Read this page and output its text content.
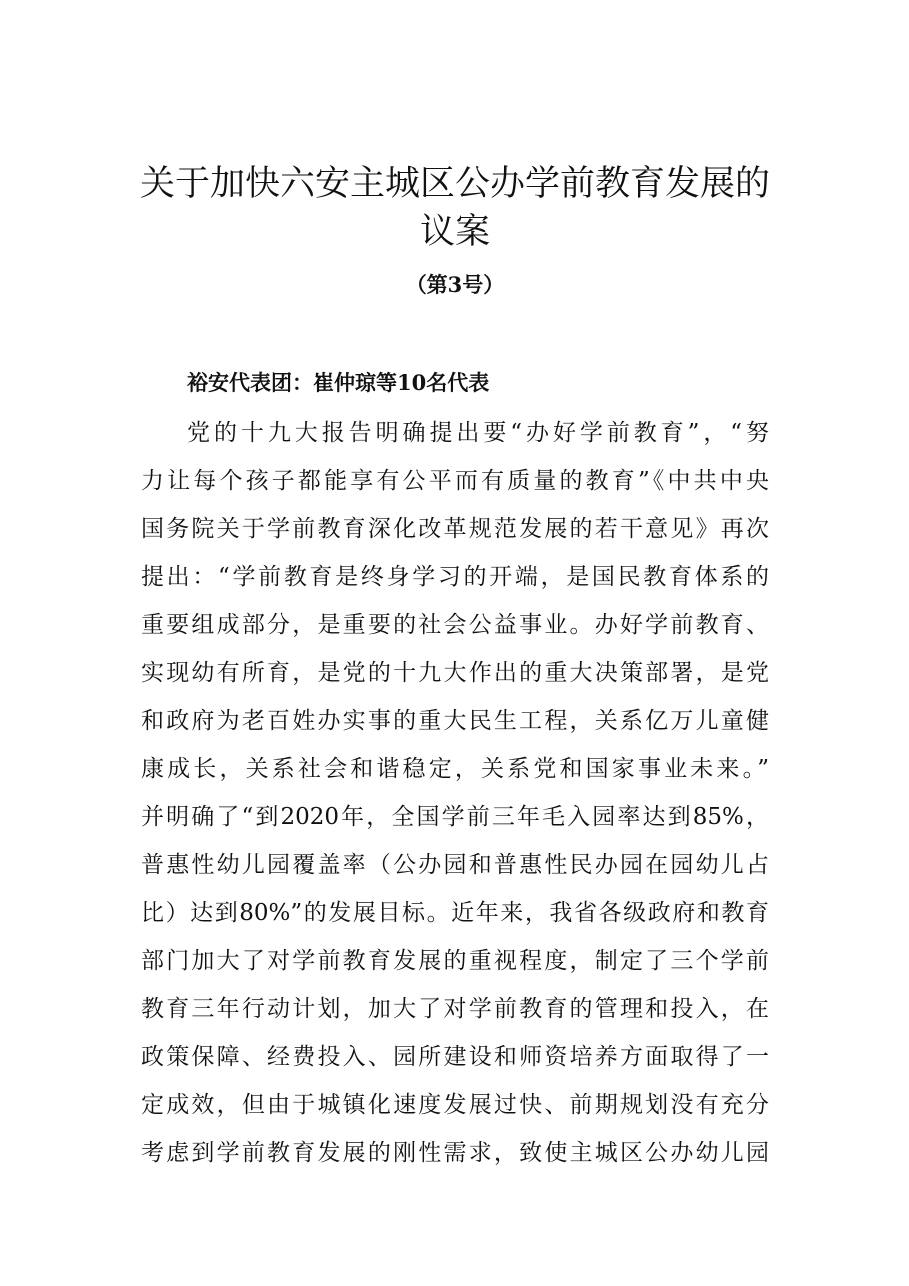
关于加快六安主城区公办学前教育发展的
议案
（第3号）
裕安代表团：崔仲琼等10名代表
党的十九大报告明确提出要“办好学前教育”，“努
力让每个孩子都能享有公平而有质量的教育”《中共中央
国务院关于学前教育深化改革规范发展的若干意见》再次
提出：“学前教育是终身学习的开端，是国民教育体系的
重要组成部分，是重要的社会公益事业。办好学前教育、
实现幼有所育，是党的十九大作出的重大决策部署，是党
和政府为老百姓办实事的重大民生工程，关系亿万儿童健
康成长，关系社会和谐稳定，关系党和国家事业未来。”
并明确了“到2020年，全国学前三年毛入园率达到85%，
普惠性幼儿园覆盖率（公办园和普惠性民办园在园幼儿占
比）达到80%”的发展目标。近年来，我省各级政府和教育
部门加大了对学前教育发展的重视程度，制定了三个学前
教育三年行动计划，加大了对学前教育的管理和投入，在
政策保障、经费投入、园所建设和师资培养方面取得了一
定成效，但由于城镇化速度发展过快、前期规划没有充分
考虑到学前教育发展的刚性需求，致使主城区公办幼儿园
